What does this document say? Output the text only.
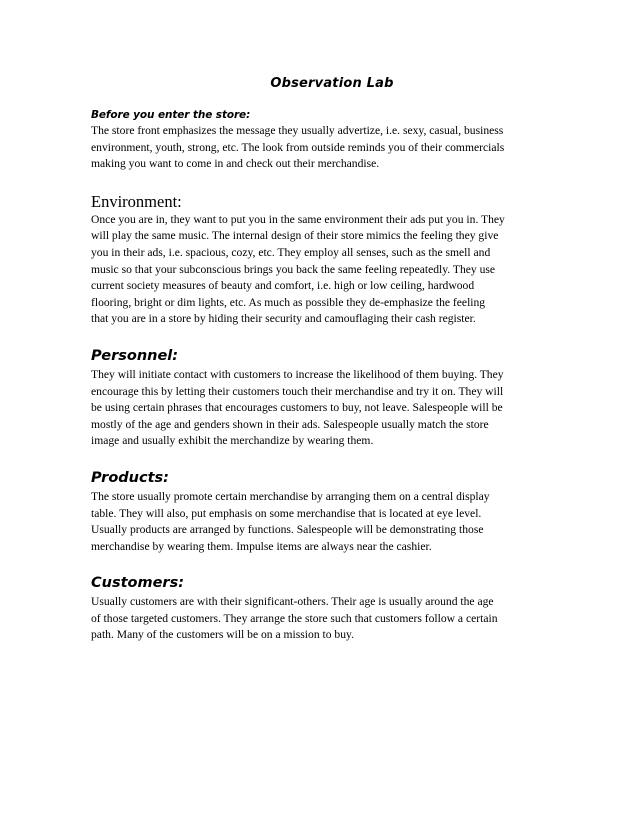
Observation Lab
Before you enter the store:

The store front emphasizes the message they usually advertize, i.e. sexy, casual, business
environment, youth, strong, etc. The look from outside reminds you of their commercials
making you want to come in and check out their merchandise.

Environment:

Once you are in, they want to put you in the same environment their ads put you in. They
will play the same music. The internal design of their store mimics the feeling they give
you in their ads, i.e. spacious, cozy, etc. They employ all senses, such as the smell and
music so that your subconscious brings you back the same feeling repeatedly. They use
current society measures of beauty and comfort, i.e. high or low ceiling, hardwood
flooring, bright or dim lights, etc. As much as possible they de-emphasize the feeling
that you are in a store by hiding their security and camouflaging their cash register.

Personnel:

They will initiate contact with customers to increase the likelihood of them buying. They
encourage this by letting their customers touch their merchandise and try it on. They will
be using certain phrases that encourages customers to buy, not leave. Salespeople will be
mostly of the age and genders shown in their ads. Salespeople usually match the store
image and usually exhibit the merchandize by wearing them.

Products:

The store usually promote certain merchandise by arranging them on a central display
table. They will also, put emphasis on some merchandise that is located at eye level.
Usually products are arranged by functions. Salespeople will be demonstrating those
merchandise by wearing them. Impulse items are always near the cashier.

Customers:

Usually customers are with their significant-others. Their age is usually around the age
of those targeted customers. They arrange the store such that customers follow a certain
path. Many of the customers will be on a mission to buy.
